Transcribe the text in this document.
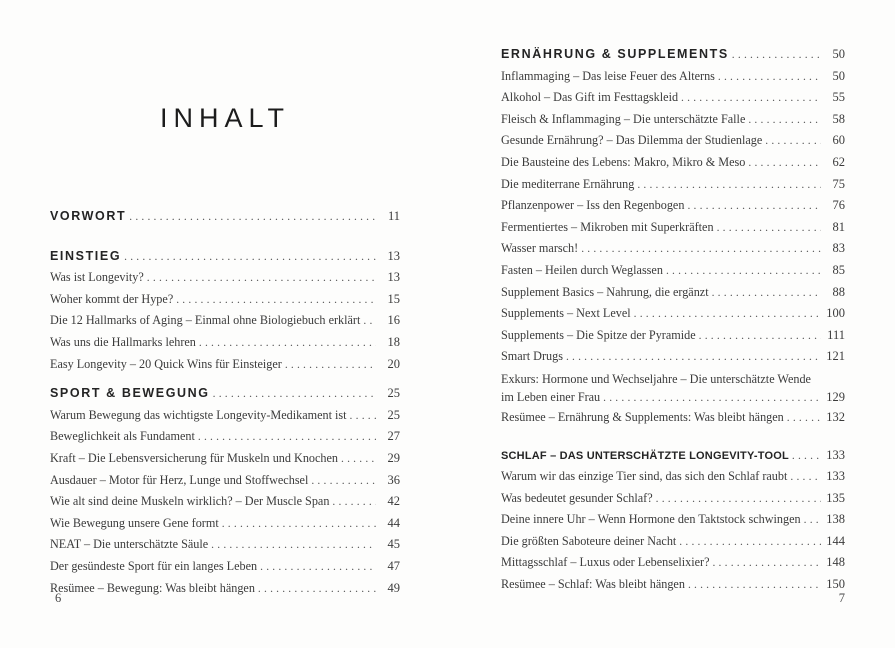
INHALT
VORWORT .....	11
EINSTIEG .....	13
Was ist Longevity? .....	13
Woher kommt der Hype? .....	15
Die 12 Hallmarks of Aging – Einmal ohne Biologiebuch erklärt .....	16
Was uns die Hallmarks lehren .....	18
Easy Longevity – 20 Quick Wins für Einsteiger .....	20
SPORT & BEWEGUNG .....	25
Warum Bewegung das wichtigste Longevity-Medikament ist .....	25
Beweglichkeit als Fundament .....	27
Kraft – Die Lebensversicherung für Muskeln und Knochen .....	29
Ausdauer – Motor für Herz, Lunge und Stoffwechsel .....	36
Wie alt sind deine Muskeln wirklich? – Der Muscle Span .....	42
Wie Bewegung unsere Gene formt .....	44
NEAT – Die unterschätzte Säule .....	45
Der gesündeste Sport für ein langes Leben .....	47
Resümee – Bewegung: Was bleibt hängen .....	49
ERNÄHRUNG & SUPPLEMENTS .....	50
Inflammaging – Das leise Feuer des Alterns .....	50
Alkohol – Das Gift im Festtagskleid .....	55
Fleisch & Inflammaging – Die unterschätzte Falle .....	58
Gesunde Ernährung? – Das Dilemma der Studienlage .....	60
Die Bausteine des Lebens: Makro, Mikro & Meso .....	62
Die mediterrane Ernährung .....	75
Pflanzenpower – Iss den Regenbogen .....	76
Fermentiertes – Mikroben mit Superkräften .....	81
Wasser marsch! .....	83
Fasten – Heilen durch Weglassen .....	85
Supplement Basics – Nahrung, die ergänzt .....	88
Supplements – Next Level .....	100
Supplements – Die Spitze der Pyramide .....	111
Smart Drugs .....	121
Exkurs: Hormone und Wechseljahre – Die unterschätzte Wende
im Leben einer Frau .....	129
Resümee – Ernährung & Supplements: Was bleibt hängen .....	132
SCHLAF – DAS UNTERSCHÄTZTE LONGEVITY-TOOL .....	133
Warum wir das einzige Tier sind, das sich den Schlaf raubt .....	133
Was bedeutet gesunder Schlaf? .....	135
Deine innere Uhr – Wenn Hormone den Taktstock schwingen ..... 138
Die größten Saboteure deiner Nacht .....	144
Mittagsschlaf – Luxus oder Lebenselixier? .....	148
Resümee – Schlaf: Was bleibt hängen .....	150
6	7
